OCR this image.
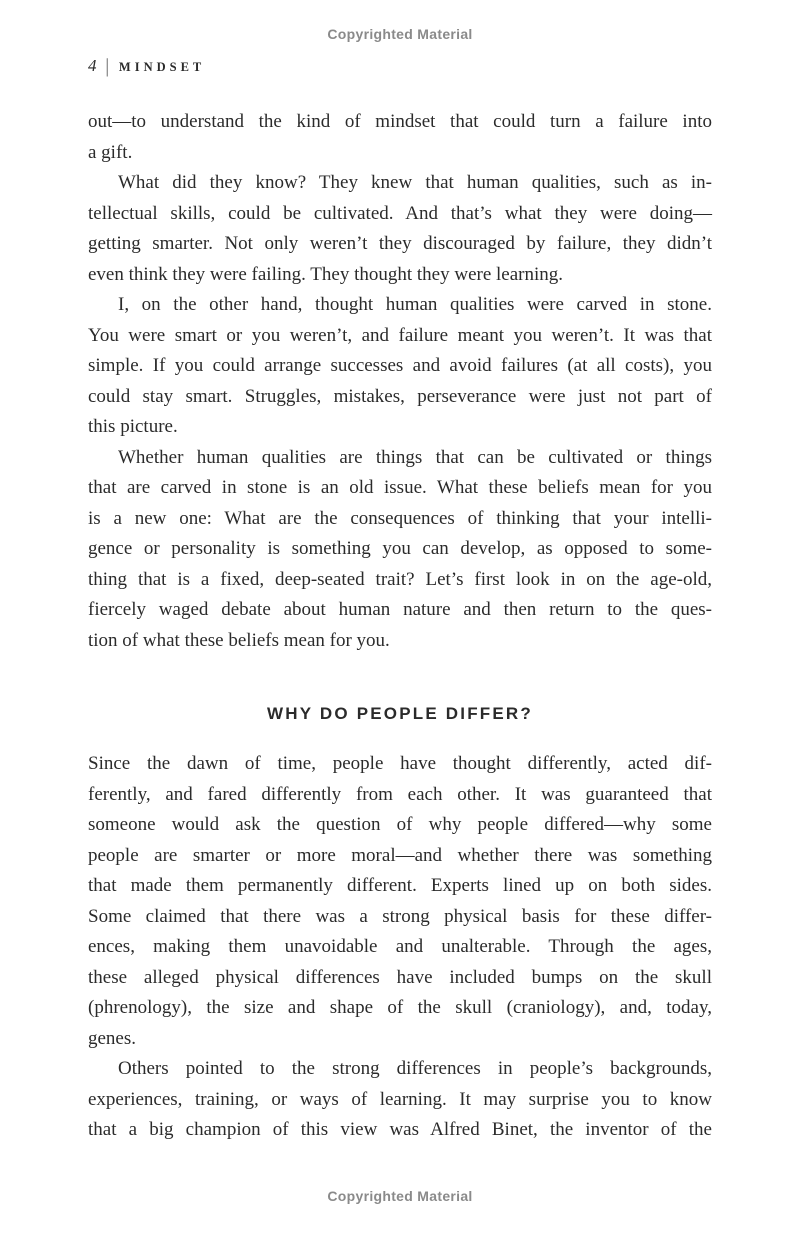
Copyrighted Material
4 | MINDSET
out—to understand the kind of mindset that could turn a failure into
a gift.
What did they know? They knew that human qualities, such as in-
tellectual skills, could be cultivated. And that’s what they were doing—
getting smarter. Not only weren’t they discouraged by failure, they didn’t
even think they were failing. They thought they were learning.
I, on the other hand, thought human qualities were carved in stone.
You were smart or you weren’t, and failure meant you weren’t. It was that
simple. If you could arrange successes and avoid failures (at all costs), you
could stay smart. Struggles, mistakes, perseverance were just not part of
this picture.
Whether human qualities are things that can be cultivated or things
that are carved in stone is an old issue. What these beliefs mean for you
is a new one: What are the consequences of thinking that your intelli-
gence or personality is something you can develop, as opposed to some-
thing that is a fixed, deep-seated trait? Let’s first look in on the age-old,
fiercely waged debate about human nature and then return to the ques-
tion of what these beliefs mean for you.
WHY DO PEOPLE DIFFER?
Since the dawn of time, people have thought differently, acted dif-
ferently, and fared differently from each other. It was guaranteed that
someone would ask the question of why people differed—why some
people are smarter or more moral—and whether there was something
that made them permanently different. Experts lined up on both sides.
Some claimed that there was a strong physical basis for these differ-
ences, making them unavoidable and unalterable. Through the ages,
these alleged physical differences have included bumps on the skull
(phrenology), the size and shape of the skull (craniology), and, today,
genes.
Others pointed to the strong differences in people’s backgrounds,
experiences, training, or ways of learning. It may surprise you to know
that a big champion of this view was Alfred Binet, the inventor of the
Copyrighted Material
